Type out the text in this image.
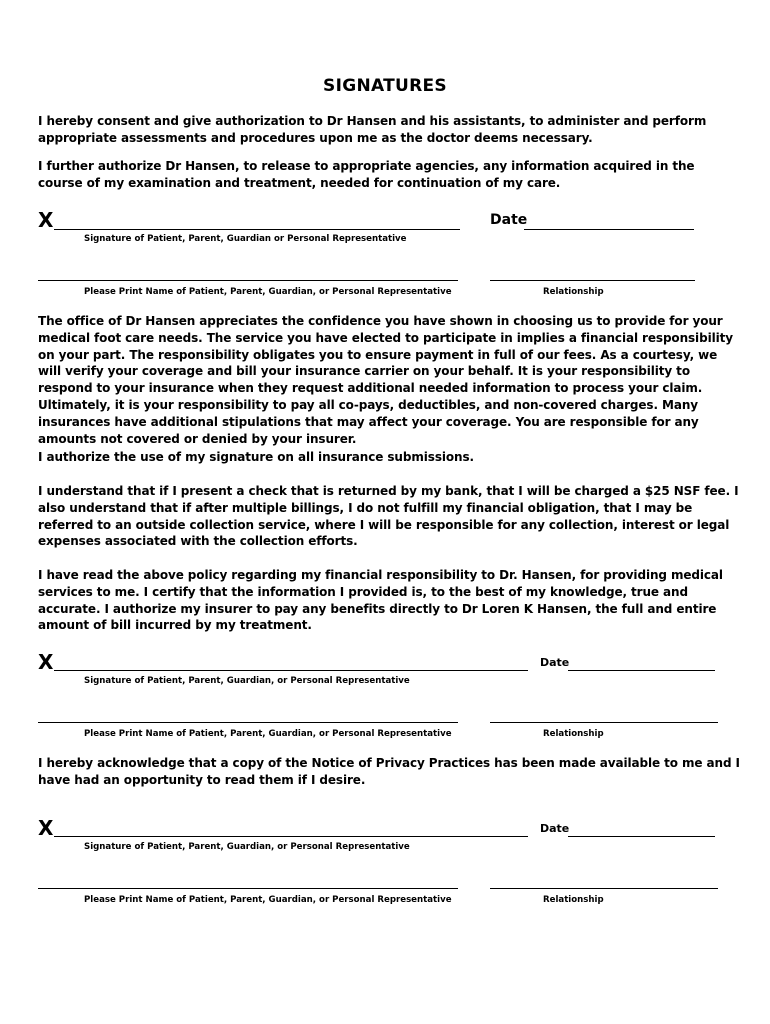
SIGNATURES
I hereby consent and give authorization to Dr Hansen and his assistants, to administer and perform appropriate assessments and procedures upon me as the doctor deems necessary.
I further authorize Dr Hansen, to release to appropriate agencies, any information acquired in the course of my examination and treatment, needed for continuation of my care.
X	Date
Signature of Patient, Parent, Guardian or Personal Representative
Please Print Name of Patient, Parent, Guardian, or Personal Representative	Relationship
The office of Dr Hansen appreciates the confidence you have shown in choosing us to provide for your medical foot care needs. The service you have elected to participate in implies a financial responsibility on your part. The responsibility obligates you to ensure payment in full of our fees. As a courtesy, we will verify your coverage and bill your insurance carrier on your behalf. It is your responsibility to respond to your insurance when they request additional needed information to process your claim. Ultimately, it is your responsibility to pay all co-pays, deductibles, and non-covered charges. Many insurances have additional stipulations that may affect your coverage. You are responsible for any amounts not covered or denied by your insurer.
I authorize the use of my signature on all insurance submissions.
I understand that if I present a check that is returned by my bank, that I will be charged a $25 NSF fee. I also understand that if after multiple billings, I do not fulfill my financial obligation, that I may be referred to an outside collection service, where I will be responsible for any collection, interest or legal expenses associated with the collection efforts.
I have read the above policy regarding my financial responsibility to Dr. Hansen, for providing medical services to me. I certify that the information I provided is, to the best of my knowledge, true and accurate. I authorize my insurer to pay any benefits directly to Dr Loren K Hansen, the full and entire amount of bill incurred by my treatment.
X	Date
Signature of Patient, Parent, Guardian, or Personal Representative
Please Print Name of Patient, Parent, Guardian, or Personal Representative	Relationship
I hereby acknowledge that a copy of the Notice of Privacy Practices has been made available to me and I have had an opportunity to read them if I desire.
X	Date
Signature of Patient, Parent, Guardian, or Personal Representative
Please Print Name of Patient, Parent, Guardian, or Personal Representative	Relationship
